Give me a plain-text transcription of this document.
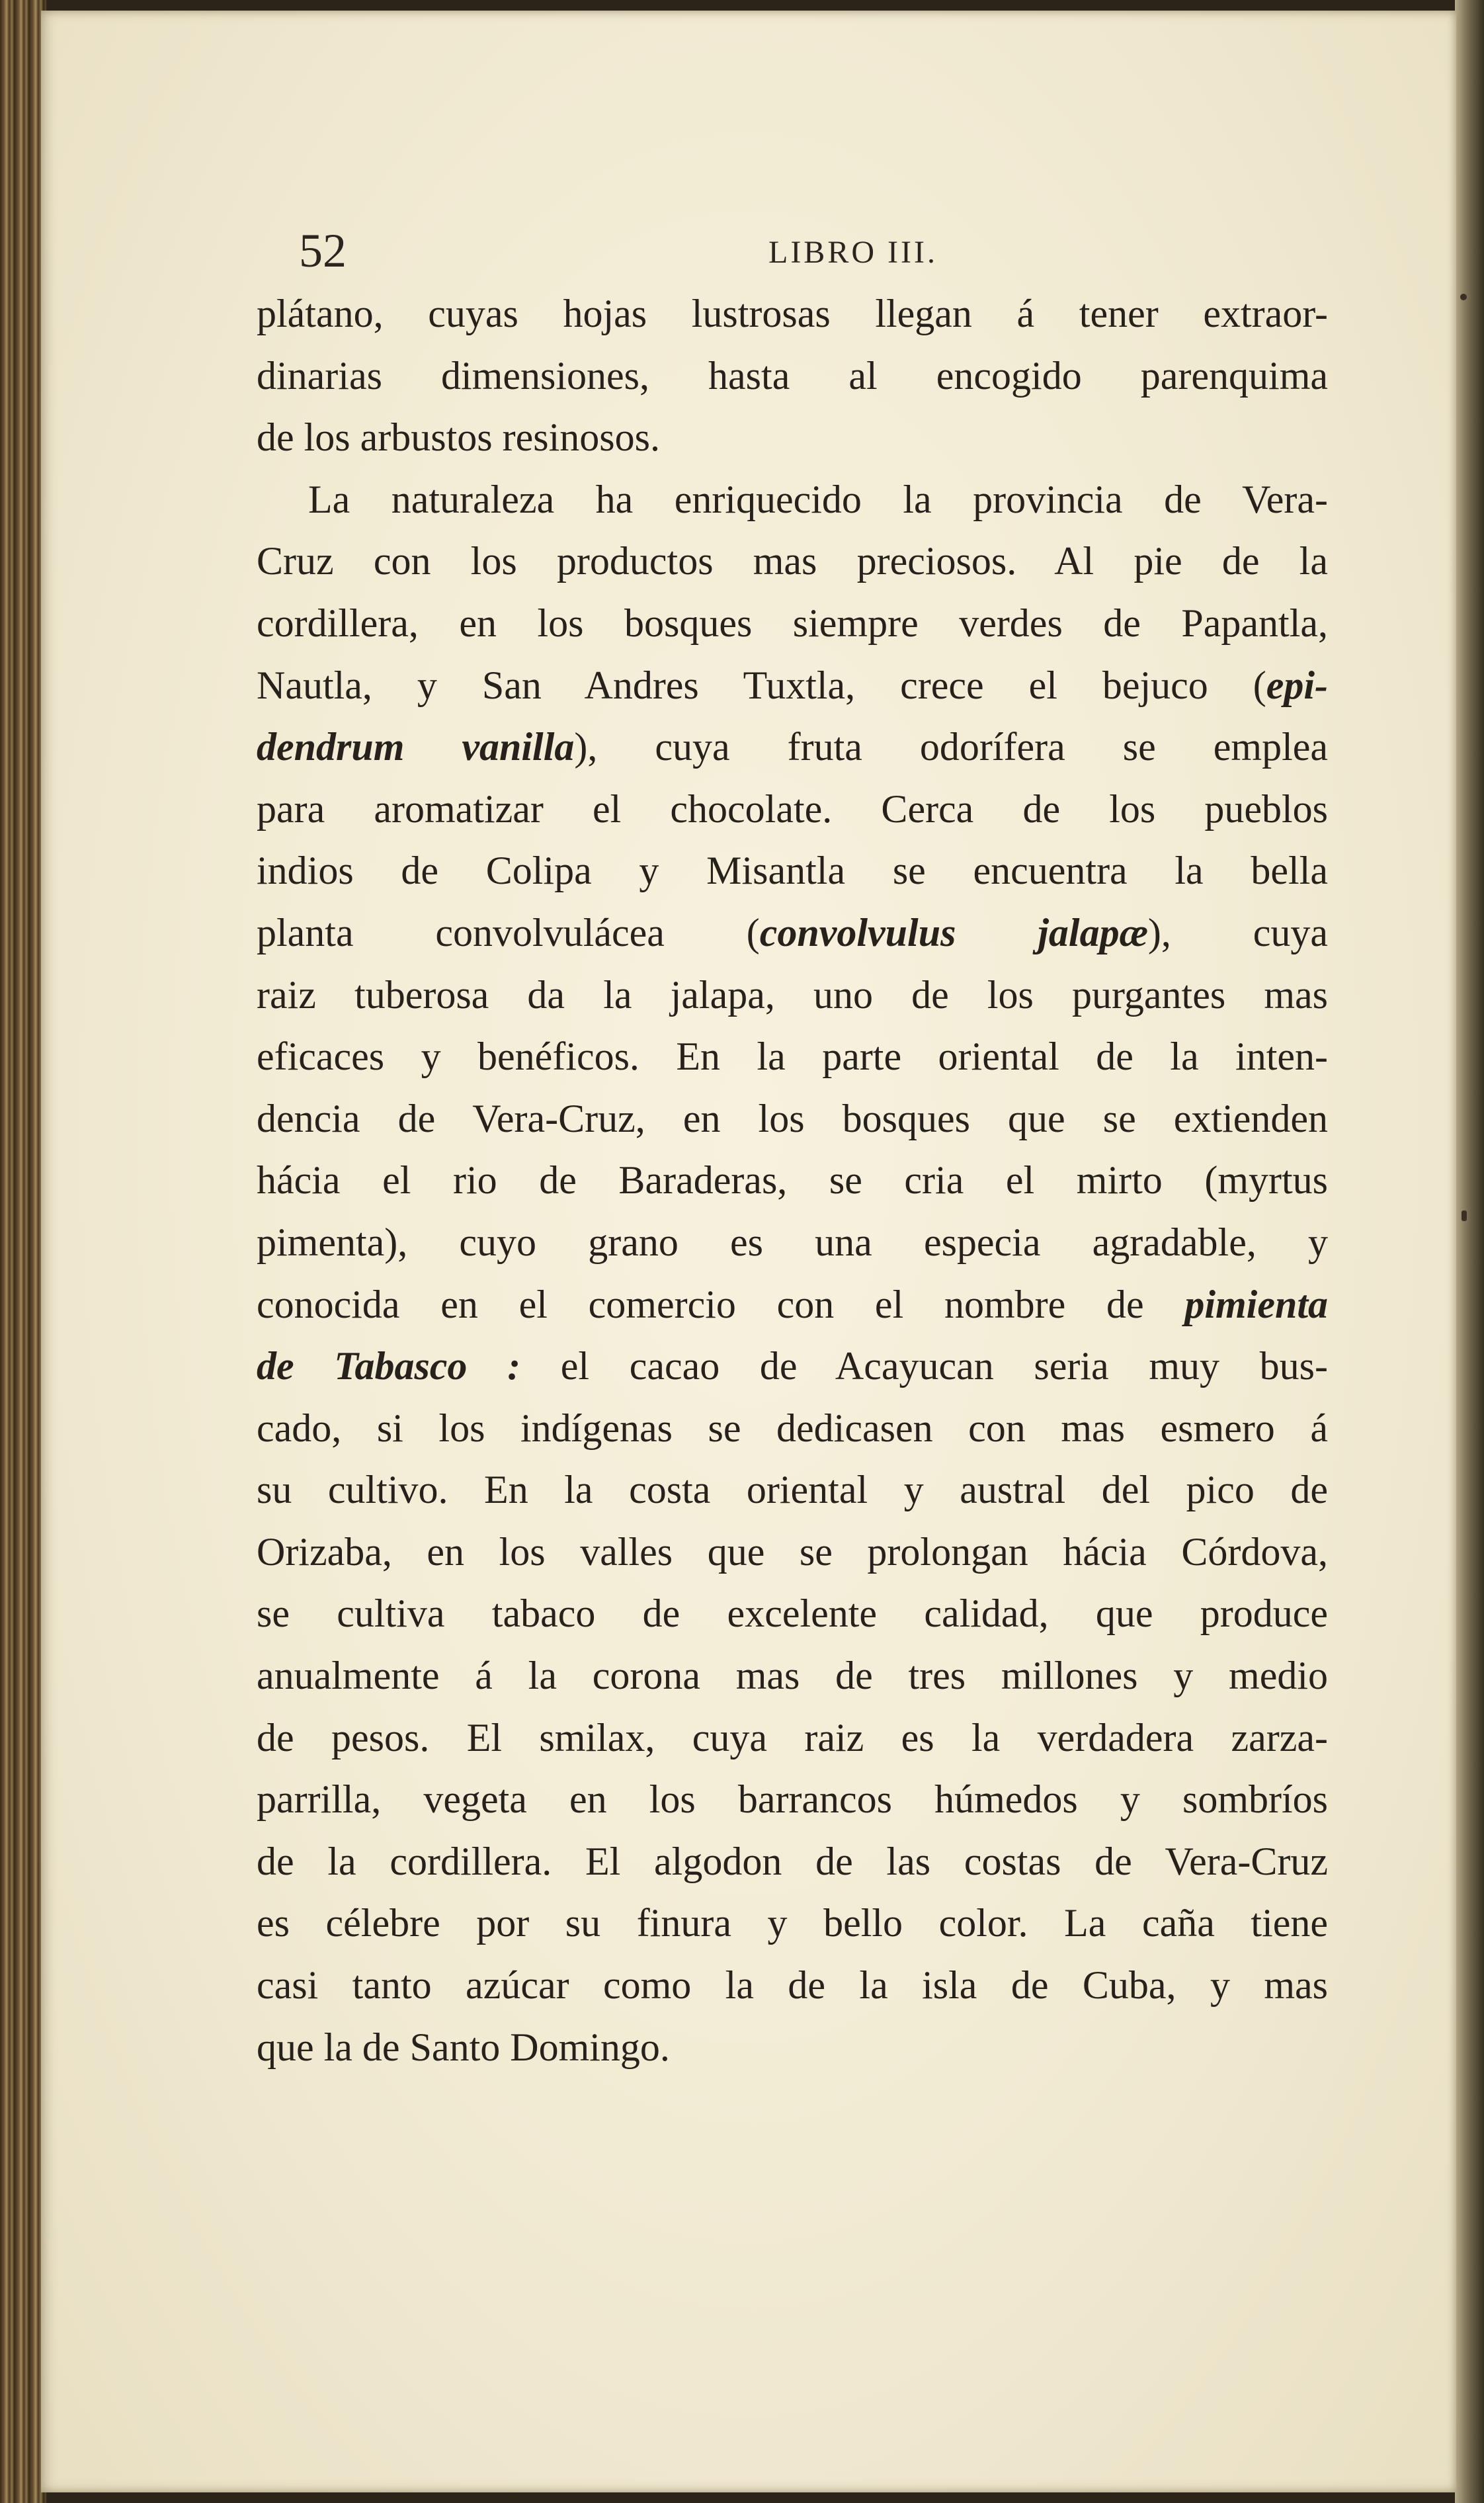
52	LIBRO III.
plátano, cuyas hojas lustrosas llegan á tener extraor-
dinarias dimensiones, hasta al encogido parenquima
de los arbustos resinosos.
La naturaleza ha enriquecido la provincia de Vera-
Cruz con los productos mas preciosos. Al pie de la
cordillera, en los bosques siempre verdes de Papantla,
Nautla, y San Andres Tuxtla, crece el bejuco (epi-
dendrum vanilla), cuya fruta odorífera se emplea
para aromatizar el chocolate. Cerca de los pueblos
indios de Colipa y Misantla se encuentra la bella
planta convolvulácea (convolvulus jalapæ), cuya
raiz tuberosa da la jalapa, uno de los purgantes mas
eficaces y benéficos. En la parte oriental de la inten-
dencia de Vera-Cruz, en los bosques que se extienden
hácia el rio de Baraderas, se cria el mirto (myrtus
pimenta), cuyo grano es una especia agradable, y
conocida en el comercio con el nombre de pimienta
de Tabasco : el cacao de Acayucan seria muy bus-
cado, si los indígenas se dedicasen con mas esmero á
su cultivo. En la costa oriental y austral del pico de
Orizaba, en los valles que se prolongan hácia Córdova,
se cultiva tabaco de excelente calidad, que produce
anualmente á la corona mas de tres millones y medio
de pesos. El smilax, cuya raiz es la verdadera zarza-
parrilla, vegeta en los barrancos húmedos y sombríos
de la cordillera. El algodon de las costas de Vera-Cruz
es célebre por su finura y bello color. La caña tiene
casi tanto azúcar como la de la isla de Cuba, y mas
que la de Santo Domingo.
